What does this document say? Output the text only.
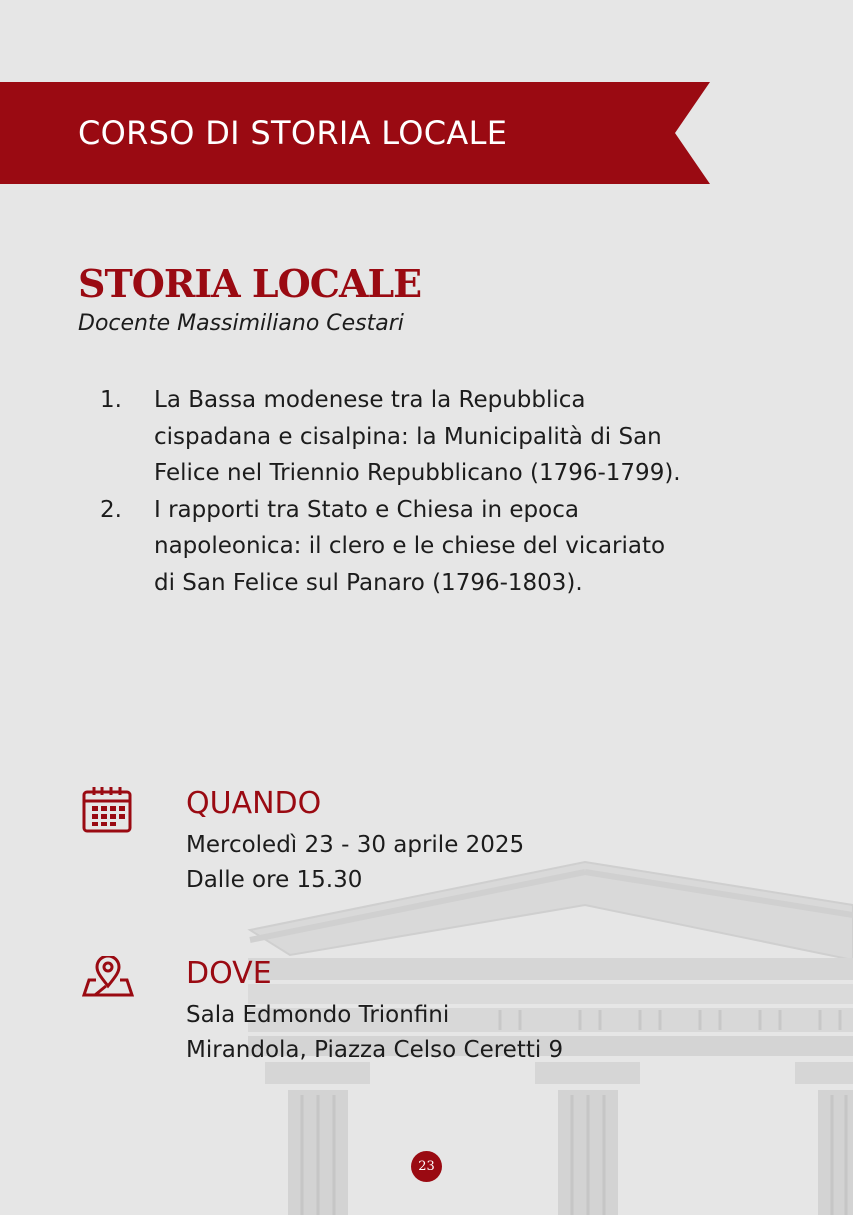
CORSO DI STORIA LOCALE
STORIA LOCALE
Docente Massimiliano Cestari
1.	La Bassa modenese tra la Repubblica
cispadana e cisalpina: la Municipalità di San
Felice nel Triennio Repubblicano (1796-1799).
2.	I rapporti tra Stato e Chiesa in epoca
napoleonica: il clero e le chiese del vicariato
di San Felice sul Panaro (1796-1803).
QUANDO
Mercoledì 23 - 30 aprile 2025
Dalle ore 15.30
DOVE
Sala Edmondo Trionfini
Mirandola, Piazza Celso Ceretti 9
23
